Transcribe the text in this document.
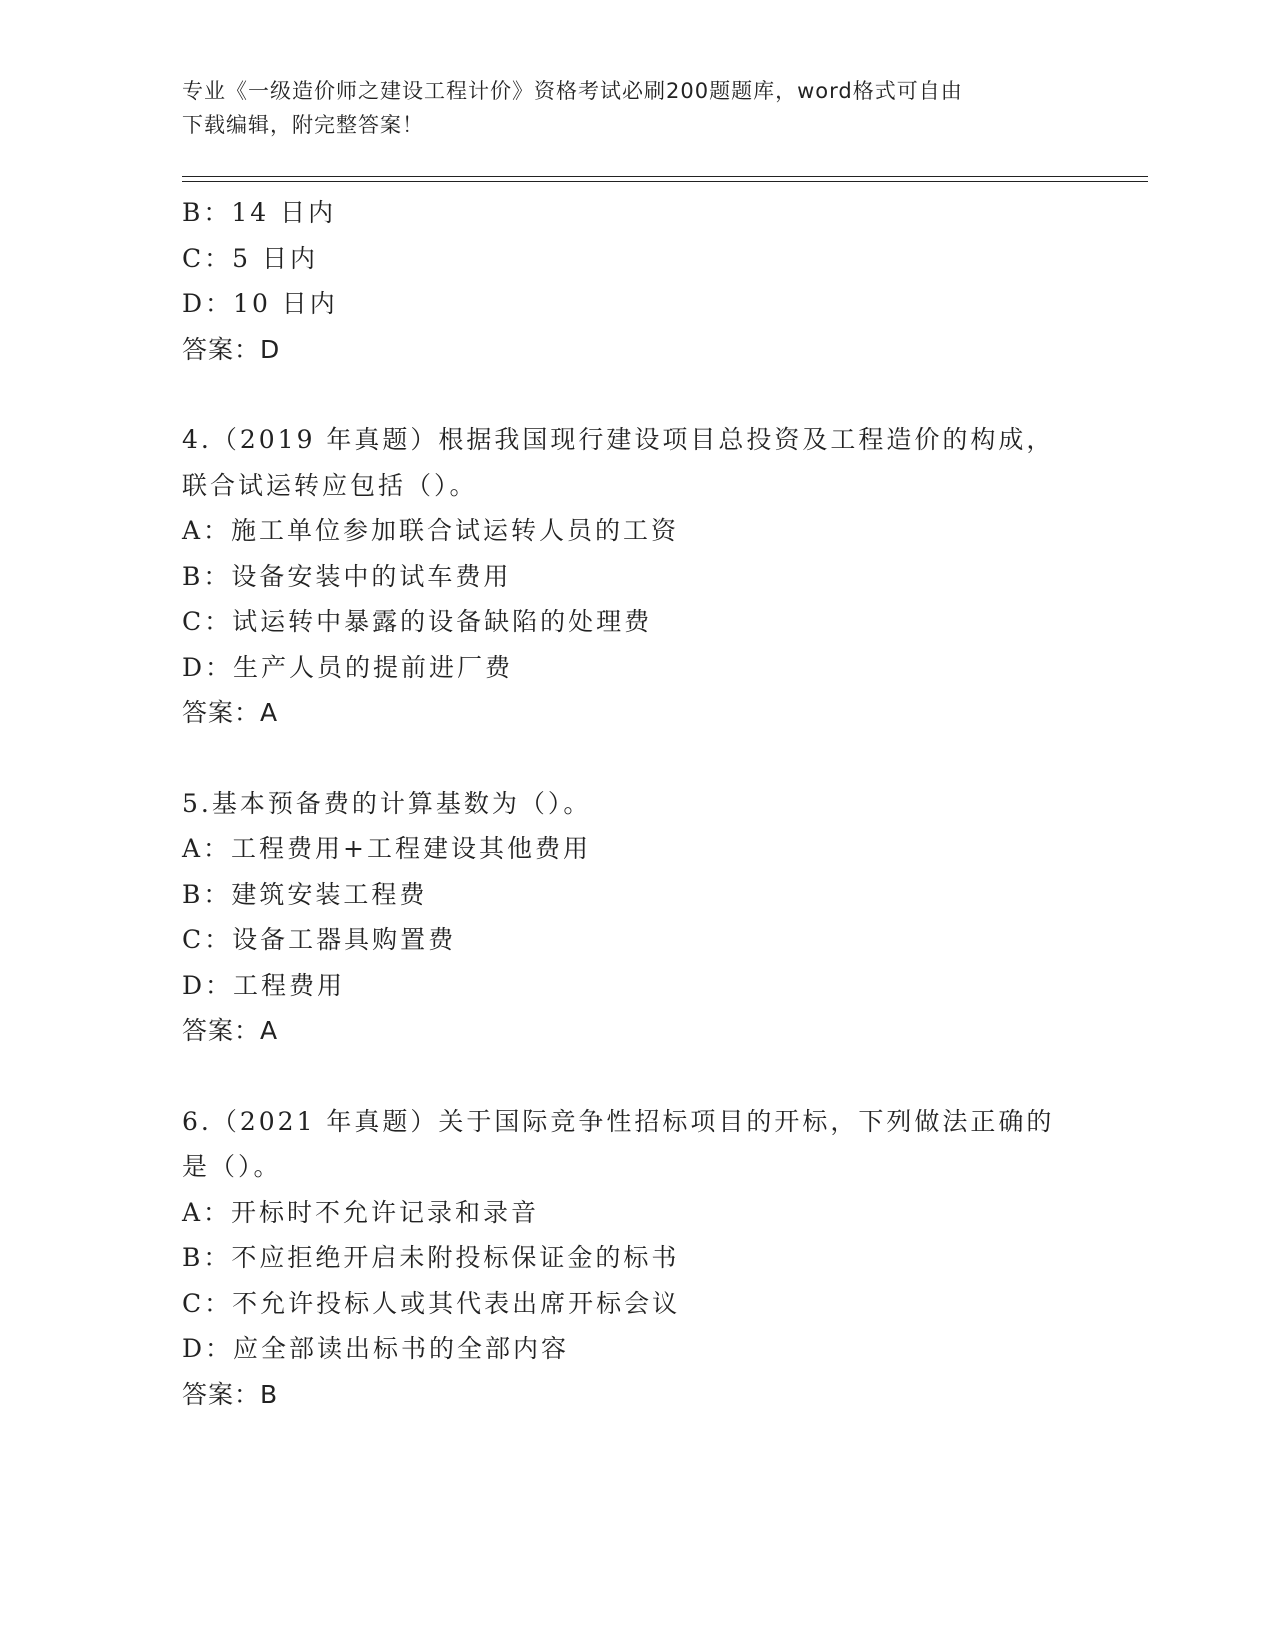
专业《一级造价师之建设工程计价》资格考试必刷200题题库，word格式可自由
下载编辑，附完整答案！
B：14 日内
C：5 日内
D：10 日内
答案：D
4.（2019 年真题）根据我国现行建设项目总投资及工程造价的构成，
联合试运转应包括（）。
A：施工单位参加联合试运转人员的工资
B：设备安装中的试车费用
C：试运转中暴露的设备缺陷的处理费
D：生产人员的提前进厂费
答案：A
5.基本预备费的计算基数为（）。
A：工程费用+工程建设其他费用
B：建筑安装工程费
C：设备工器具购置费
D：工程费用
答案：A
6.（2021 年真题）关于国际竞争性招标项目的开标，下列做法正确的
是（）。
A：开标时不允许记录和录音
B：不应拒绝开启未附投标保证金的标书
C：不允许投标人或其代表出席开标会议
D：应全部读出标书的全部内容
答案：B
